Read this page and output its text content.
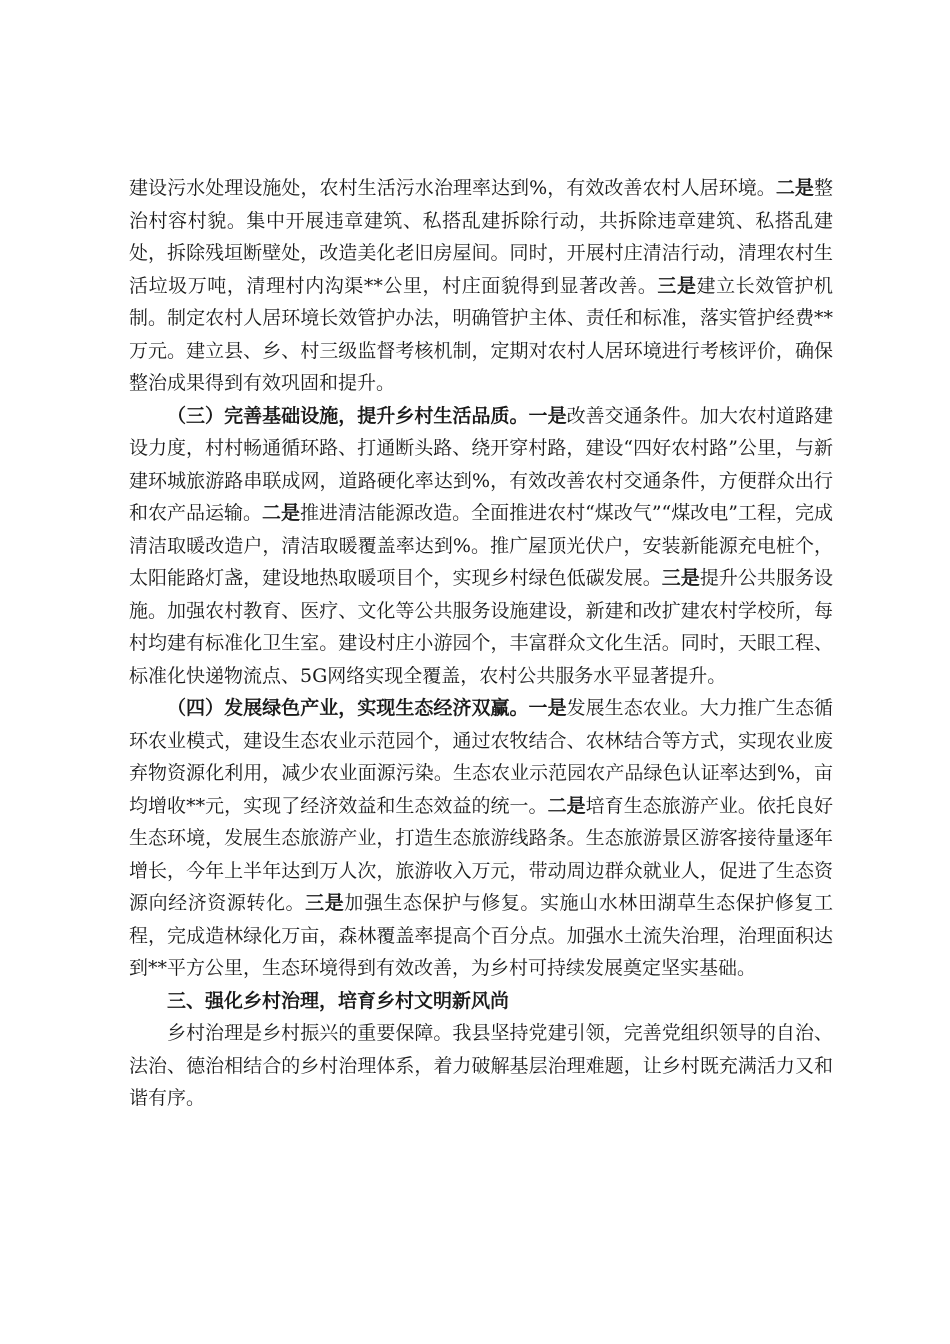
建设污水处理设施处，农村生活污水治理率达到%，有效改善农村人居环境。二是整治村容村貌。集中开展违章建筑、私搭乱建拆除行动，共拆除违章建筑、私搭乱建处，拆除残垣断壁处，改造美化老旧房屋间。同时，开展村庄清洁行动，清理农村生活垃圾万吨，清理村内沟渠**公里，村庄面貌得到显著改善。三是建立长效管护机制。制定农村人居环境长效管护办法，明确管护主体、责任和标准，落实管护经费**万元。建立县、乡、村三级监督考核机制，定期对农村人居环境进行考核评价，确保整治成果得到有效巩固和提升。

（三）完善基础设施，提升乡村生活品质。一是改善交通条件。加大农村道路建设力度，村村畅通循环路、打通断头路、绕开穿村路，建设“四好农村路”公里，与新建环城旅游路串联成网，道路硬化率达到%，有效改善农村交通条件，方便群众出行和农产品运输。二是推进清洁能源改造。全面推进农村“煤改气”“煤改电”工程，完成清洁取暖改造户，清洁取暖覆盖率达到%。推广屋顶光伏户，安装新能源充电桩个，太阳能路灯盏，建设地热取暖项目个，实现乡村绿色低碳发展。三是提升公共服务设施。加强农村教育、医疗、文化等公共服务设施建设，新建和改扩建农村学校所，每村均建有标准化卫生室。建设村庄小游园个，丰富群众文化生活。同时，天眼工程、标准化快递物流点、5G网络实现全覆盖，农村公共服务水平显著提升。

（四）发展绿色产业，实现生态经济双赢。一是发展生态农业。大力推广生态循环农业模式，建设生态农业示范园个，通过农牧结合、农林结合等方式，实现农业废弃物资源化利用，减少农业面源污染。生态农业示范园农产品绿色认证率达到%，亩均增收**元，实现了经济效益和生态效益的统一。二是培育生态旅游产业。依托良好生态环境，发展生态旅游产业，打造生态旅游线路条。生态旅游景区游客接待量逐年增长，今年上半年达到万人次，旅游收入万元，带动周边群众就业人，促进了生态资源向经济资源转化。三是加强生态保护与修复。实施山水林田湖草生态保护修复工程，完成造林绿化万亩，森林覆盖率提高个百分点。加强水土流失治理，治理面积达到**平方公里，生态环境得到有效改善，为乡村可持续发展奠定坚实基础。

三、强化乡村治理，培育乡村文明新风尚

乡村治理是乡村振兴的重要保障。我县坚持党建引领，完善党组织领导的自治、法治、德治相结合的乡村治理体系，着力破解基层治理难题，让乡村既充满活力又和谐有序。
